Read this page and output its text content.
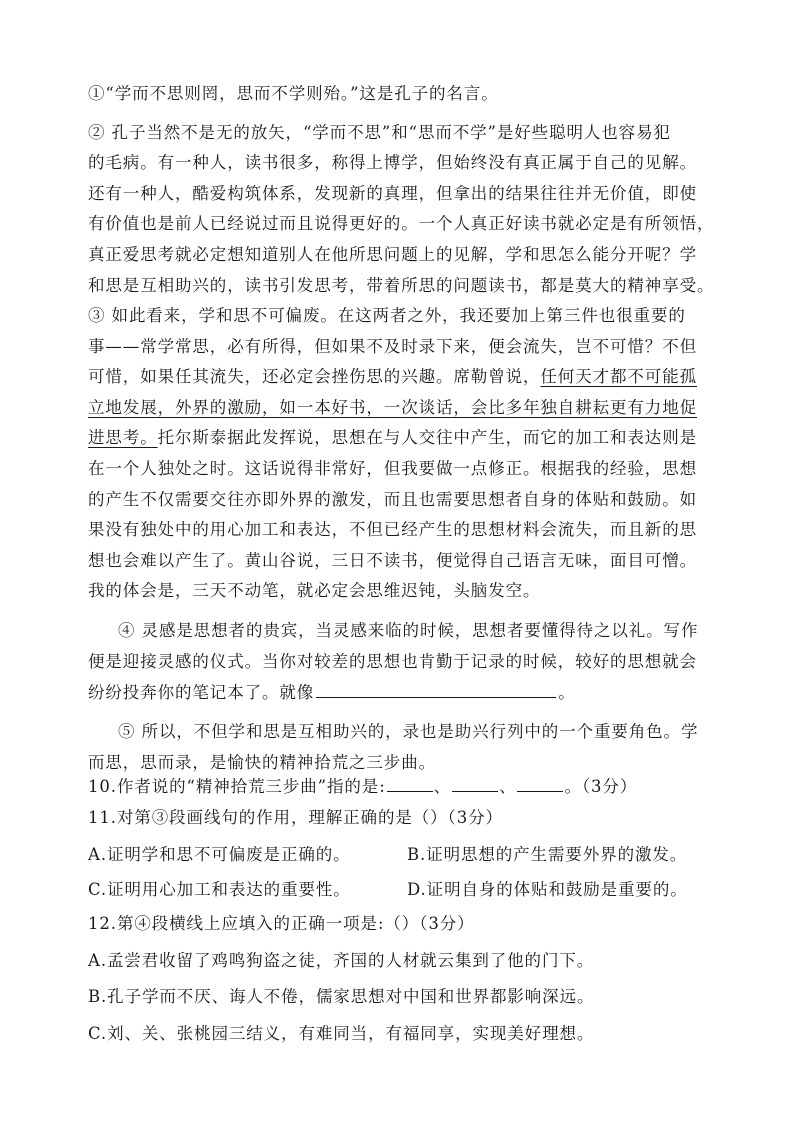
①“学而不思则罔，思而不学则殆。”这是孔子的名言。
② 孔子当然不是无的放矢，“学而不思”和“思而不学”是好些聪明人也容易犯
的毛病。有一种人，读书很多，称得上博学，但始终没有真正属于自己的见解。
还有一种人，酷爱构筑体系，发现新的真理，但拿出的结果往往并无价值，即使
有价值也是前人已经说过而且说得更好的。一个人真正好读书就必定是有所领悟，
真正爱思考就必定想知道别人在他所思问题上的见解，学和思怎么能分开呢？学
和思是互相助兴的，读书引发思考，带着所思的问题读书，都是莫大的精神享受。
③ 如此看来，学和思不可偏废。在这两者之外，我还要加上第三件也很重要的
事——常学常思，必有所得，但如果不及时录下来，便会流失，岂不可惜？不但
可惜，如果任其流失，还必定会挫伤思的兴趣。席勒曾说，任何天才都不可能孤
立地发展，外界的激励，如一本好书，一次谈话，会比多年独自耕耘更有力地促
进思考。托尔斯泰据此发挥说，思想在与人交往中产生，而它的加工和表达则是
在一个人独处之时。这话说得非常好，但我要做一点修正。根据我的经验，思想
的产生不仅需要交往亦即外界的激发，而且也需要思想者自身的体贴和鼓励。如
果没有独处中的用心加工和表达，不但已经产生的思想材料会流失，而且新的思
想也会难以产生了。黄山谷说，三日不读书，便觉得自己语言无味，面目可憎。
我的体会是，三天不动笔，就必定会思维迟钝，头脑发空。
④ 灵感是思想者的贵宾，当灵感来临的时候，思想者要懂得待之以礼。写作
便是迎接灵感的仪式。当你对较差的思想也肯勤于记录的时候，较好的思想就会
纷纷投奔你的笔记本了。就像	。
⑤ 所以，不但学和思是互相助兴的，录也是助兴行列中的一个重要角色。学
而思，思而录，是愉快的精神拾荒之三步曲。
10.作者说的“精神拾荒三步曲”指的是:	、	、	。（3分）
11.对第③段画线句的作用，理解正确的是（）（3分）
A.证明学和思不可偏废是正确的。	B.证明思想的产生需要外界的激发。
C.证明用心加工和表达的重要性。	D.证明自身的体贴和鼓励是重要的。
12.第④段横线上应填入的正确一项是:（）（3分）
A.孟尝君收留了鸡鸣狗盗之徒，齐国的人材就云集到了他的门下。
B.孔子学而不厌、诲人不倦，儒家思想对中国和世界都影响深远。
C.刘、关、张桃园三结义，有难同当，有福同享，实现美好理想。
